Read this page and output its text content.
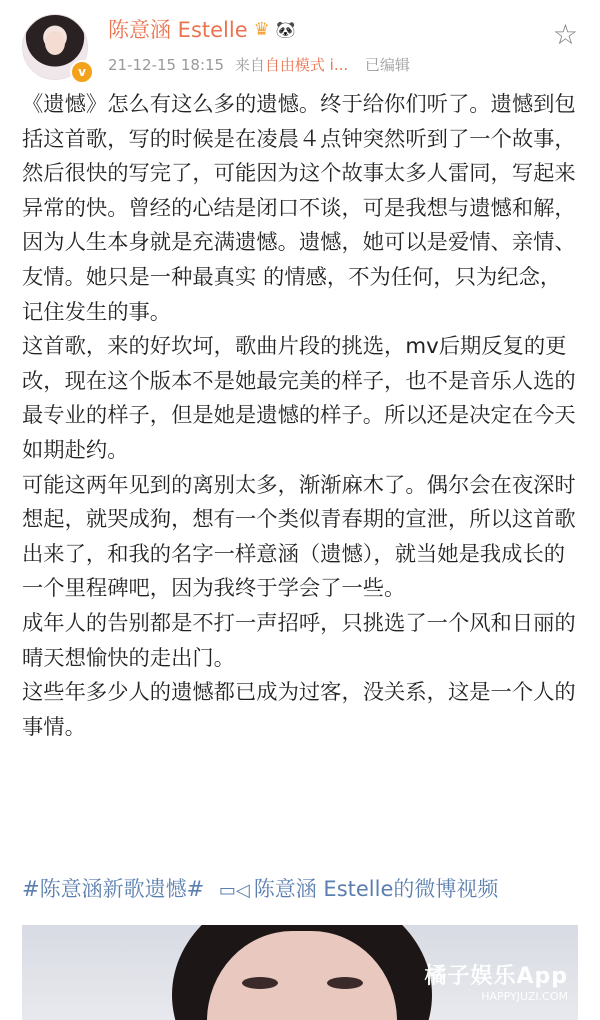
v
陈意涵 Estelle ♛ 🐼
21-12-15 18:15 来自自由模式 i... 已编辑
☆

《遗憾》怎么有这么多的遗憾。终于给你们听了。遗憾到包括这首歌，写的时候是在凌晨４点钟突然听到了一个故事，然后很快的写完了，可能因为这个故事太多人雷同，写起来异常的快。曾经的心结是闭口不谈，可是我想与遗憾和解，因为人生本身就是充满遗憾。遗憾，她可以是爱情、亲情、友情。她只是一种最真实 的情感，不为任何，只为纪念，记住发生的事。

这首歌，来的好坎坷，歌曲片段的挑选，mv后期反复的更改，现在这个版本不是她最完美的样子，也不是音乐人选的最专业的样子，但是她是遗憾的样子。所以还是决定在今天如期赴约。

可能这两年见到的离别太多，渐渐麻木了。偶尔会在夜深时想起，就哭成狗，想有一个类似青春期的宣泄，所以这首歌出来了，和我的名字一样意涵（遗憾），就当她是我成长的一个里程碑吧，因为我终于学会了一些。

成年人的告别都是不打一声招呼，只挑选了一个风和日丽的晴天想愉快的走出门。

这些年多少人的遗憾都已成为过客，没关系，这是一个人的事情。

#陈意涵新歌遗憾# ▭◁ 陈意涵 Estelle的微博视频
橘子娱乐App
HAPPYJUZI.COM
